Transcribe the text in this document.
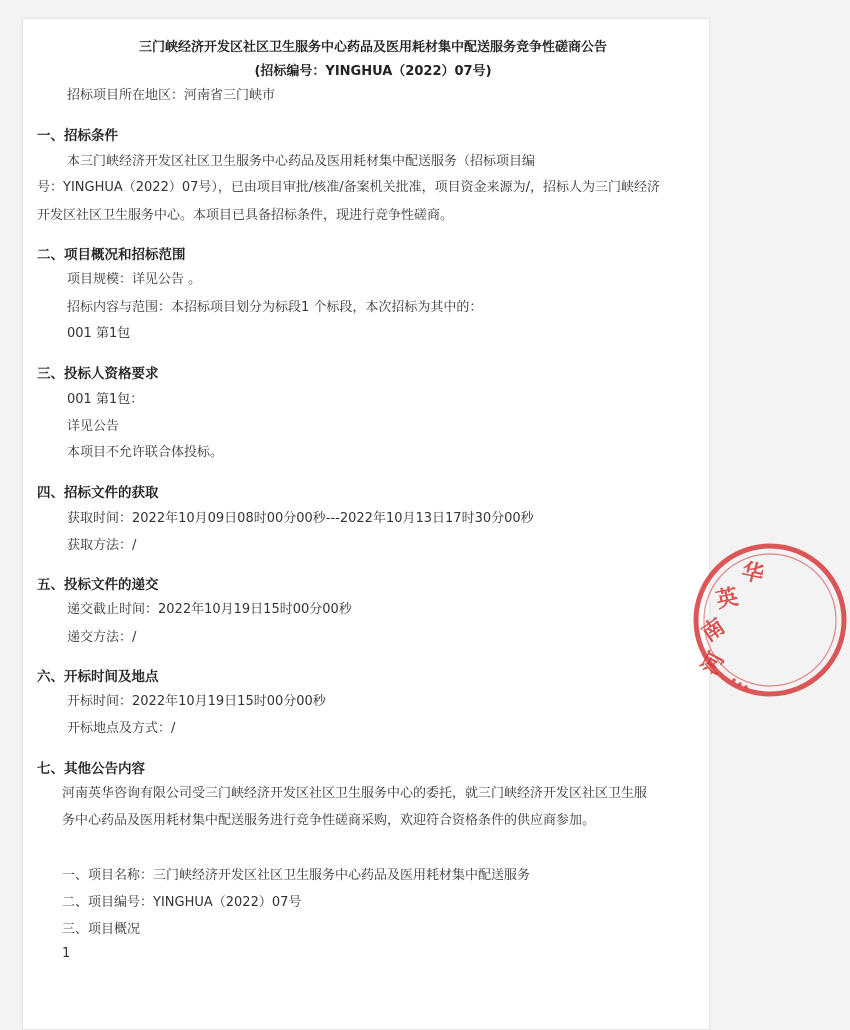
三门峡经济开发区社区卫生服务中心药品及医用耗材集中配送服务竞争性磋商公告
(招标编号：YINGHUA（2022）07号)
招标项目所在地区：河南省三门峡市
一、招标条件
本三门峡经济开发区社区卫生服务中心药品及医用耗材集中配送服务（招标项目编
号：YINGHUA（2022）07号），已由项目审批/核准/备案机关批准，项目资金来源为/，招标人为三门峡经济
开发区社区卫生服务中心。本项目已具备招标条件，现进行竞争性磋商。
二、项目概况和招标范围
项目规模：详见公告 。
招标内容与范围：本招标项目划分为标段1 个标段，本次招标为其中的：
001 第1包
三、投标人资格要求
001 第1包：
详见公告
本项目不允许联合体投标。
四、招标文件的获取
获取时间：2022年10月09日08时00分00秒---2022年10月13日17时30分00秒
获取方法：/
五、投标文件的递交
递交截止时间：2022年10月19日15时00分00秒
递交方法：/
六、开标时间及地点
开标时间：2022年10月19日15时00分00秒
开标地点及方式：/
七、其他公告内容
河南英华咨询有限公司受三门峡经济开发区社区卫生服务中心的委托，就三门峡经济开发区社区卫生服
务中心药品及医用耗材集中配送服务进行竞争性磋商采购，欢迎符合资格条件的供应商参加。
一、项目名称：三门峡经济开发区社区卫生服务中心药品及医用耗材集中配送服务
二、项目编号：YINGHUA（2022）07号
三、项目概况
1
河
南
英
华
